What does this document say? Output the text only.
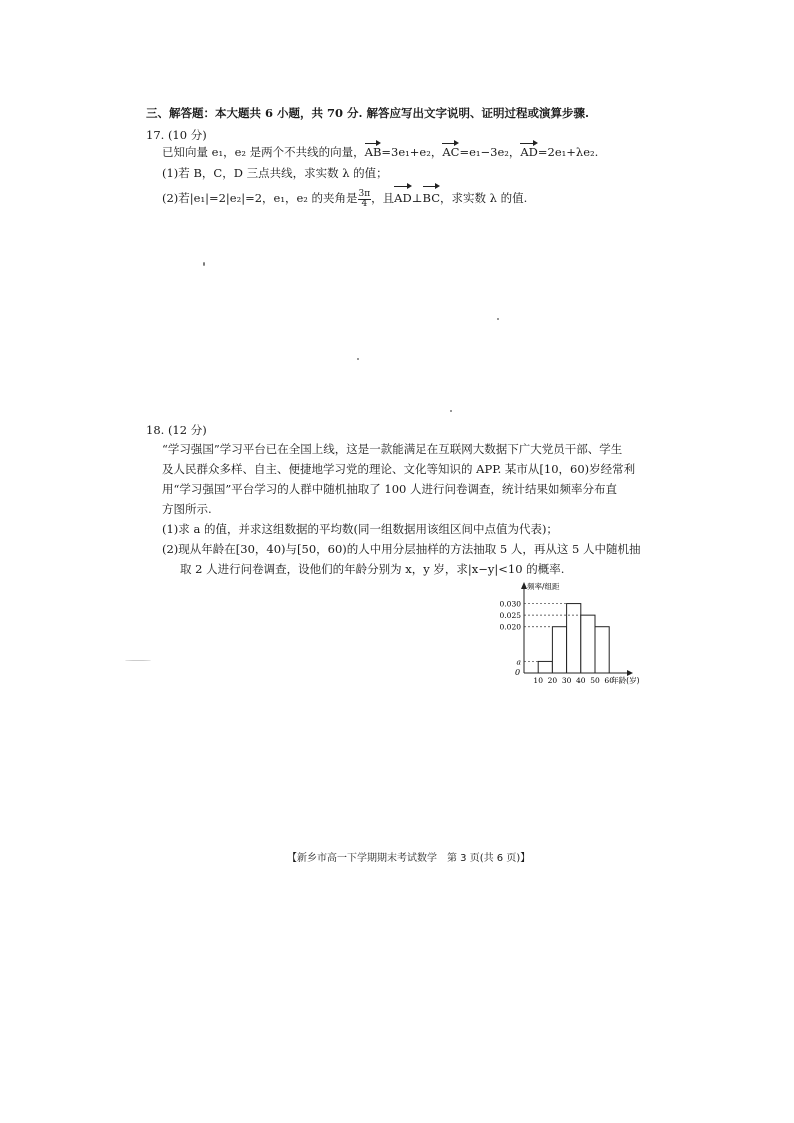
三、解答题：本大题共 6 小题，共 70 分. 解答应写出文字说明、证明过程或演算步骤.
17. (10 分)
已知向量 e₁，e₂ 是两个不共线的向量，AB=3e₁+e₂，AC=e₁−3e₂，AD=2e₁+λe₂.
(1)若 B，C，D 三点共线，求实数 λ 的值；
(2)若|e₁|=2|e₂|=2，e₁，e₂ 的夹角是 $\frac{3\pi}{4}$ ，且AD⊥BC，求实数 λ 的值.
18. (12 分)
“学习强国”学习平台已在全国上线，这是一款能满足在互联网大数据下广大党员干部、学生
及人民群众多样、自主、便捷地学习党的理论、文化等知识的 APP. 某市从[10，60)岁经常利
用“学习强国”平台学习的人群中随机抽取了 100 人进行问卷调查，统计结果如频率分布直
方图所示.
(1)求 a 的值，并求这组数据的平均数(同一组数据用该组区间中点值为代表)；
(2)现从年龄在[30，40)与[50，60)的人中用分层抽样的方法抽取 5 人，再从这 5 人中随机抽
取 2 人进行问卷调查，设他们的年龄分别为 x，y 岁，求|x−y|<10 的概率.
0.030
0.025
0.020
a
10 20 30 40 50 60
0
频率/组距
年龄(岁)
【新乡市高一下学期期末考试数学　第 3 页(共 6 页)】
